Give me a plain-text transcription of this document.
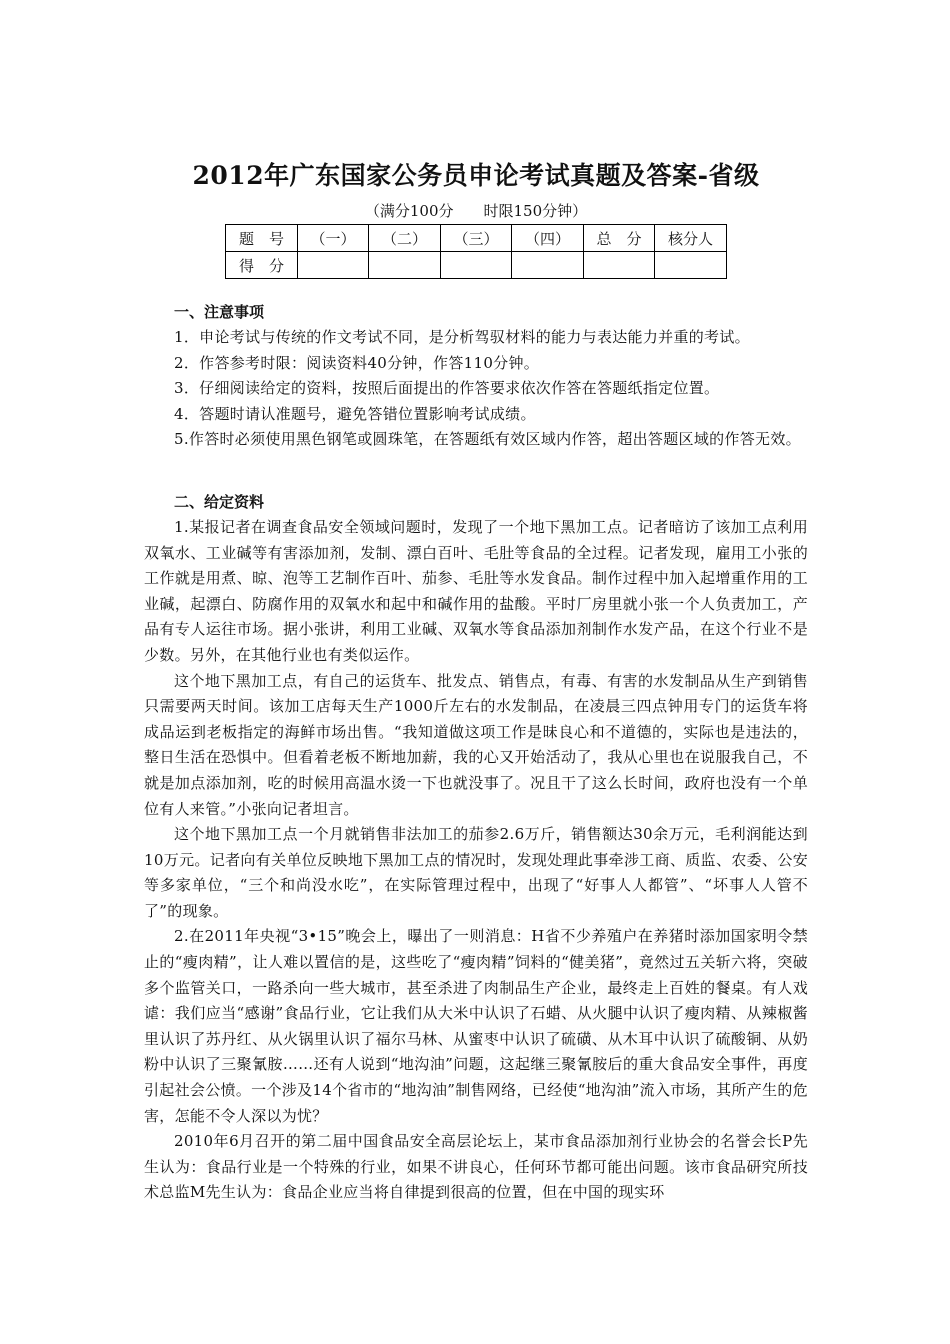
2012年广东国家公务员申论考试真题及答案-省级
（满分100分　　时限150分钟）
题　号	（一）	（二）	（三）	（四）	总　分	核分人
得　分						
一、注意事项

1．申论考试与传统的作文考试不同，是分析驾驭材料的能力与表达能力并重的考试。

2．作答参考时限：阅读资料40分钟，作答110分钟。

3．仔细阅读给定的资料，按照后面提出的作答要求依次作答在答题纸指定位置。

4．答题时请认准题号，避免答错位置影响考试成绩。

5.作答时必须使用黑色钢笔或圆珠笔，在答题纸有效区域内作答，超出答题区域的作答无效。

二、给定资料

1.某报记者在调查食品安全领域问题时，发现了一个地下黑加工点。记者暗访了该加工点利用双氧水、工业碱等有害添加剂，发制、漂白百叶、毛肚等食品的全过程。记者发现，雇用工小张的工作就是用煮、晾、泡等工艺制作百叶、茄参、毛肚等水发食品。制作过程中加入起增重作用的工业碱，起漂白、防腐作用的双氧水和起中和碱作用的盐酸。平时厂房里就小张一个人负责加工，产品有专人运往市场。据小张讲，利用工业碱、双氧水等食品添加剂制作水发产品，在这个行业不是少数。另外，在其他行业也有类似运作。

这个地下黑加工点，有自己的运货车、批发点、销售点，有毒、有害的水发制品从生产到销售只需要两天时间。该加工店每天生产1000斤左右的水发制品，在凌晨三四点钟用专门的运货车将成品运到老板指定的海鲜市场出售。“我知道做这项工作是昧良心和不道德的，实际也是违法的，整日生活在恐惧中。但看着老板不断地加薪，我的心又开始活动了，我从心里也在说服我自己，不就是加点添加剂，吃的时候用高温水烫一下也就没事了。况且干了这么长时间，政府也没有一个单位有人来管。”小张向记者坦言。

这个地下黑加工点一个月就销售非法加工的茄参2.6万斤，销售额达30余万元，毛利润能达到10万元。记者向有关单位反映地下黑加工点的情况时，发现处理此事牵涉工商、质监、农委、公安等多家单位，“三个和尚没水吃”，在实际管理过程中，出现了“好事人人都管”、“坏事人人管不了”的现象。

2.在2011年央视“3•15”晚会上，曝出了一则消息：H省不少养殖户在养猪时添加国家明令禁止的“瘦肉精”，让人难以置信的是，这些吃了“瘦肉精”饲料的“健美猪”，竟然过五关斩六将，突破多个监管关口，一路杀向一些大城市，甚至杀进了肉制品生产企业，最终走上百姓的餐桌。有人戏谑：我们应当“感谢”食品行业，它让我们从大米中认识了石蜡、从火腿中认识了瘦肉精、从辣椒酱里认识了苏丹红、从火锅里认识了福尔马林、从蜜枣中认识了硫磺、从木耳中认识了硫酸铜、从奶粉中认识了三聚氰胺……还有人说到“地沟油”问题，这起继三聚氰胺后的重大食品安全事件，再度引起社会公愤。一个涉及14个省市的“地沟油”制售网络，已经使“地沟油”流入市场，其所产生的危害，怎能不令人深以为忧？

2010年6月召开的第二届中国食品安全高层论坛上，某市食品添加剂行业协会的名誉会长P先生认为：食品行业是一个特殊的行业，如果不讲良心，任何环节都可能出问题。该市食品研究所技术总监M先生认为：食品企业应当将自律提到很高的位置，但在中国的现实环
